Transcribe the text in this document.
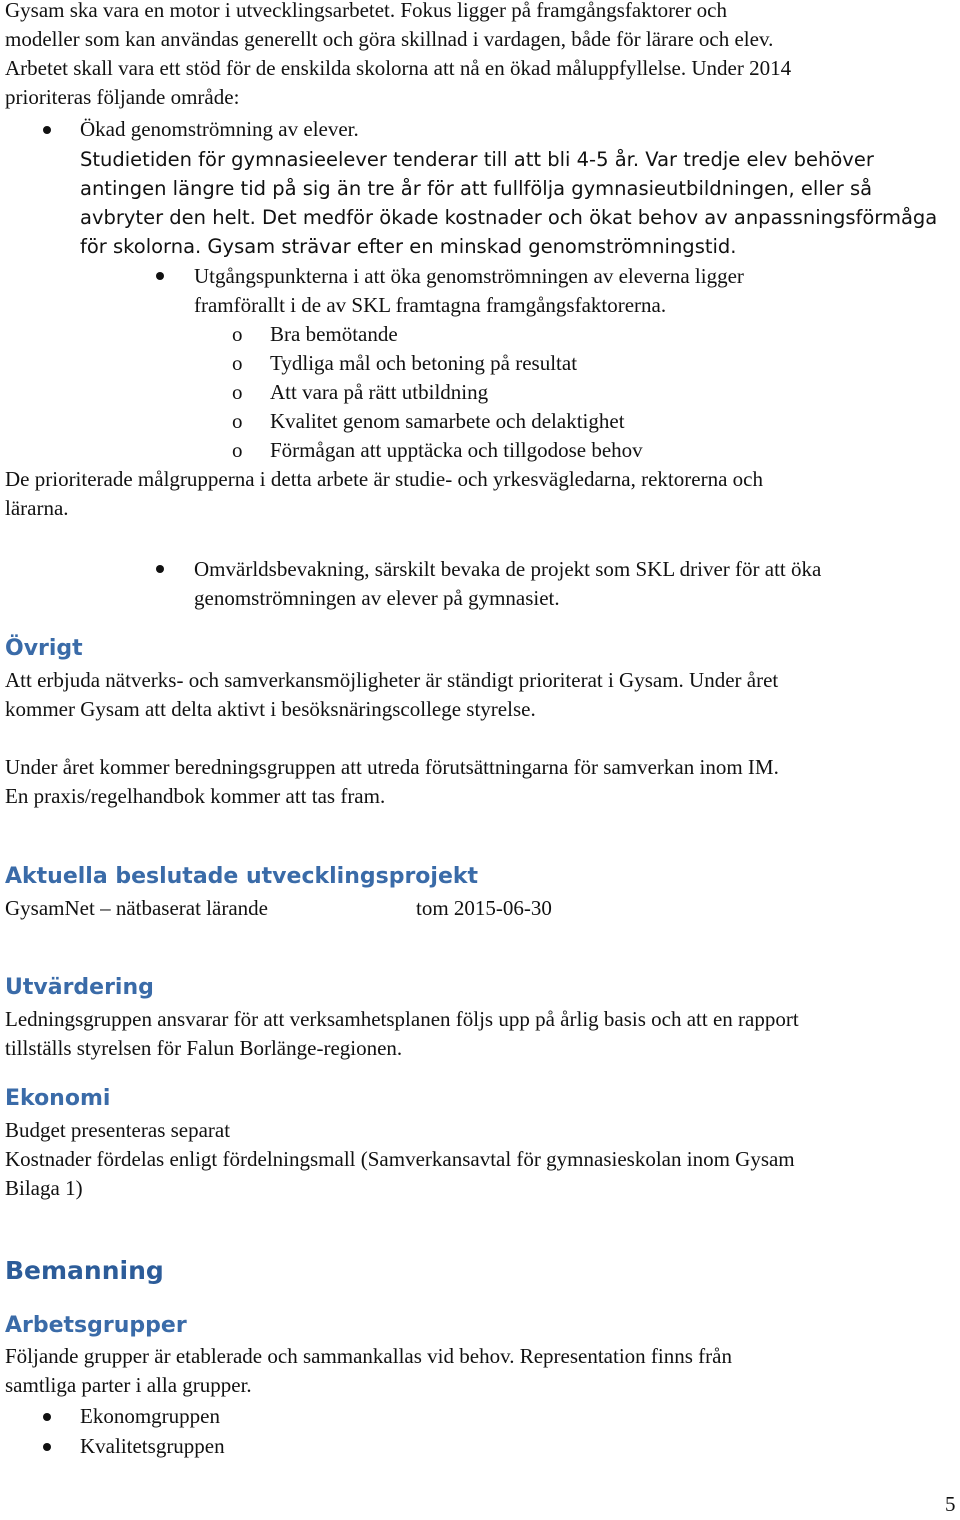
Gysam ska vara en motor i utvecklingsarbetet. Fokus ligger på framgångsfaktorer och

modeller som kan användas generellt och göra skillnad i vardagen, både för lärare och elev.

Arbetet skall vara ett stöd för de enskilda skolorna att nå en ökad måluppfyllelse. Under 2014

prioriteras följande område:

Ökad genomströmning av elever.

Studietiden för gymnasieelever tenderar till att bli 4-5 år. Var tredje elev behöver

antingen längre tid på sig än tre år för att fullfölja gymnasieutbildningen, eller så

avbryter den helt. Det medför ökade kostnader och ökat behov av anpassningsförmåga

för skolorna. Gysam strävar efter en minskad genomströmningstid.

Utgångspunkterna i att öka genomströmningen av eleverna ligger

framförallt i de av SKL framtagna framgångsfaktorerna.

o Bra bemötande

o Tydliga mål och betoning på resultat

o Att vara på rätt utbildning

o Kvalitet genom samarbete och delaktighet

o Förmågan att upptäcka och tillgodose behov

De prioriterade målgrupperna i detta arbete är studie- och yrkesvägledarna, rektorerna och

lärarna.

Omvärldsbevakning, särskilt bevaka de projekt som SKL driver för att öka

genomströmningen av elever på gymnasiet.

Övrigt

Att erbjuda nätverks- och samverkansmöjligheter är ständigt prioriterat i Gysam. Under året

kommer Gysam att delta aktivt i besöksnäringscollege styrelse.

Under året kommer beredningsgruppen att utreda förutsättningarna för samverkan inom IM.

En praxis/regelhandbok kommer att tas fram.

Aktuella beslutade utvecklingsprojekt

GysamNet – nätbaserat lärande	tom 2015-06-30

Utvärdering

Ledningsgruppen ansvarar för att verksamhetsplanen följs upp på årlig basis och att en rapport

tillställs styrelsen för Falun Borlänge-regionen.

Ekonomi

Budget presenteras separat

Kostnader fördelas enligt fördelningsmall (Samverkansavtal för gymnasieskolan inom Gysam

Bilaga 1)

Bemanning
Arbetsgrupper

Följande grupper är etablerade och sammankallas vid behov. Representation finns från

samtliga parter i alla grupper.

Ekonomgruppen

Kvalitetsgruppen

5
